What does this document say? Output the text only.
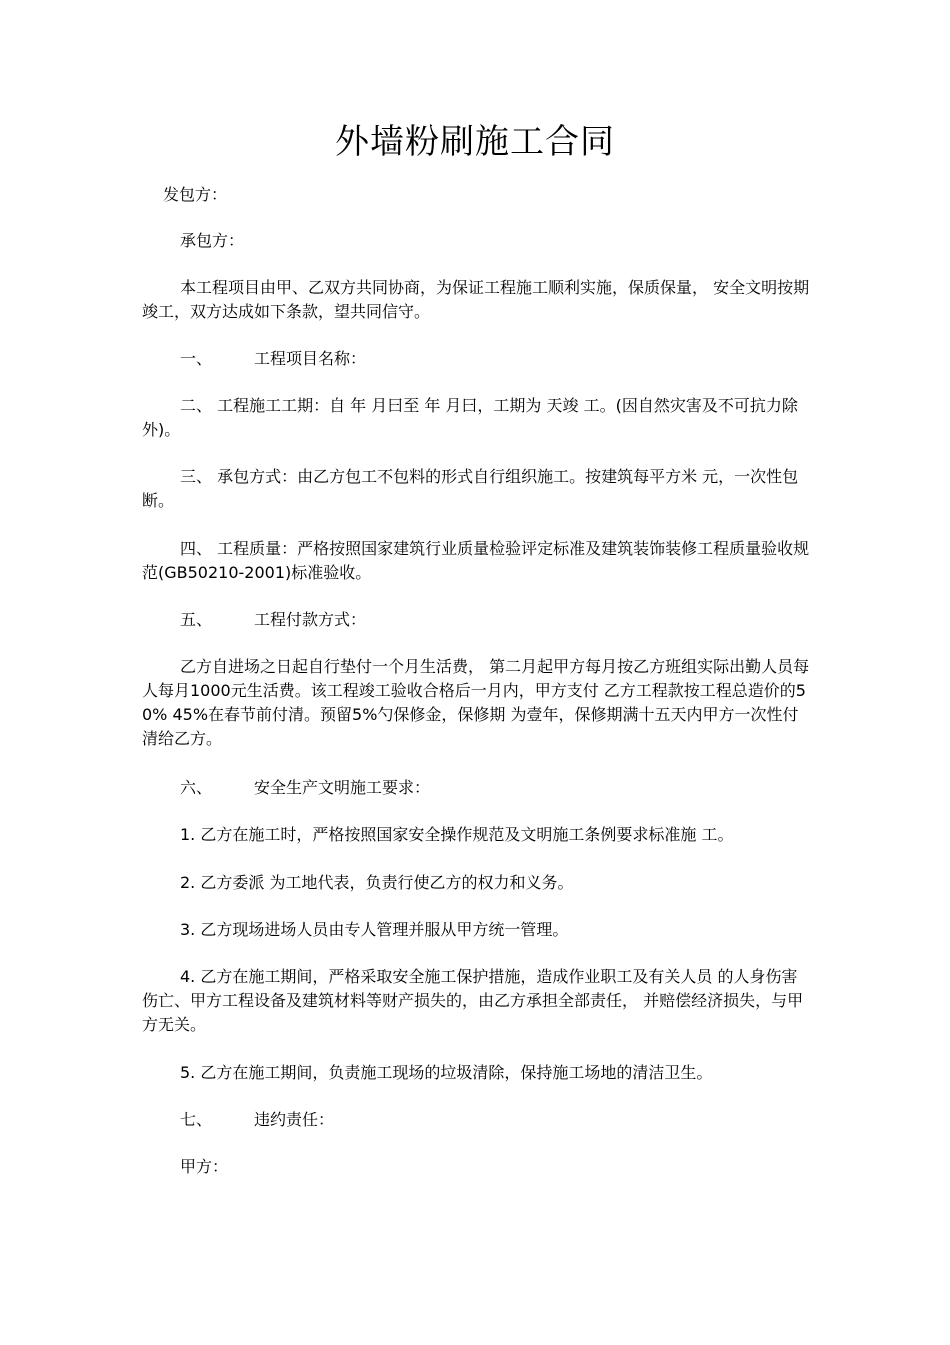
外墙粉刷施工合同

发包方：

承包方：

本工程项目由甲、乙双方共同协商，为保证工程施工顺利实施，保质保量， 安全文明按期竣工，双方达成如下条款，望共同信守。

一、	工程项目名称：

二、 工程施工工期：自 年 月曰至 年 月曰，工期为 天竣 工。(因自然灾害及不可抗力除外)。

三、 承包方式：由乙方包工不包料的形式自行组织施工。按建筑每平方米 元，一次性包断。

四、 工程质量：严格按照国家建筑行业质量检验评定标准及建筑装饰装修工程质量验收规范(GB50210-2001)标准验收。

五、	工程付款方式：

乙方自进场之日起自行垫付一个月生活费， 第二月起甲方每月按乙方班组实际出勤人员每人每月1000元生活费。该工程竣工验收合格后一月内，甲方支付 乙方工程款按工程总造价的50% 45%在春节前付清。预留5%勺保修金，保修期 为壹年，保修期满十五天内甲方一次性付清给乙方。

六、	安全生产文明施工要求：

1. 乙方在施工时，严格按照国家安全操作规范及文明施工条例要求标准施 工。

2. 乙方委派 为工地代表，负责行使乙方的权力和义务。

3. 乙方现场进场人员由专人管理并服从甲方统一管理。

4. 乙方在施工期间，严格采取安全施工保护措施，造成作业职工及有关人员 的人身伤害伤亡、甲方工程设备及建筑材料等财产损失的，由乙方承担全部责任， 并赔偿经济损失，与甲方无关。

5. 乙方在施工期间，负责施工现场的垃圾清除，保持施工场地的清洁卫生。

七、	违约责任：

甲方：
